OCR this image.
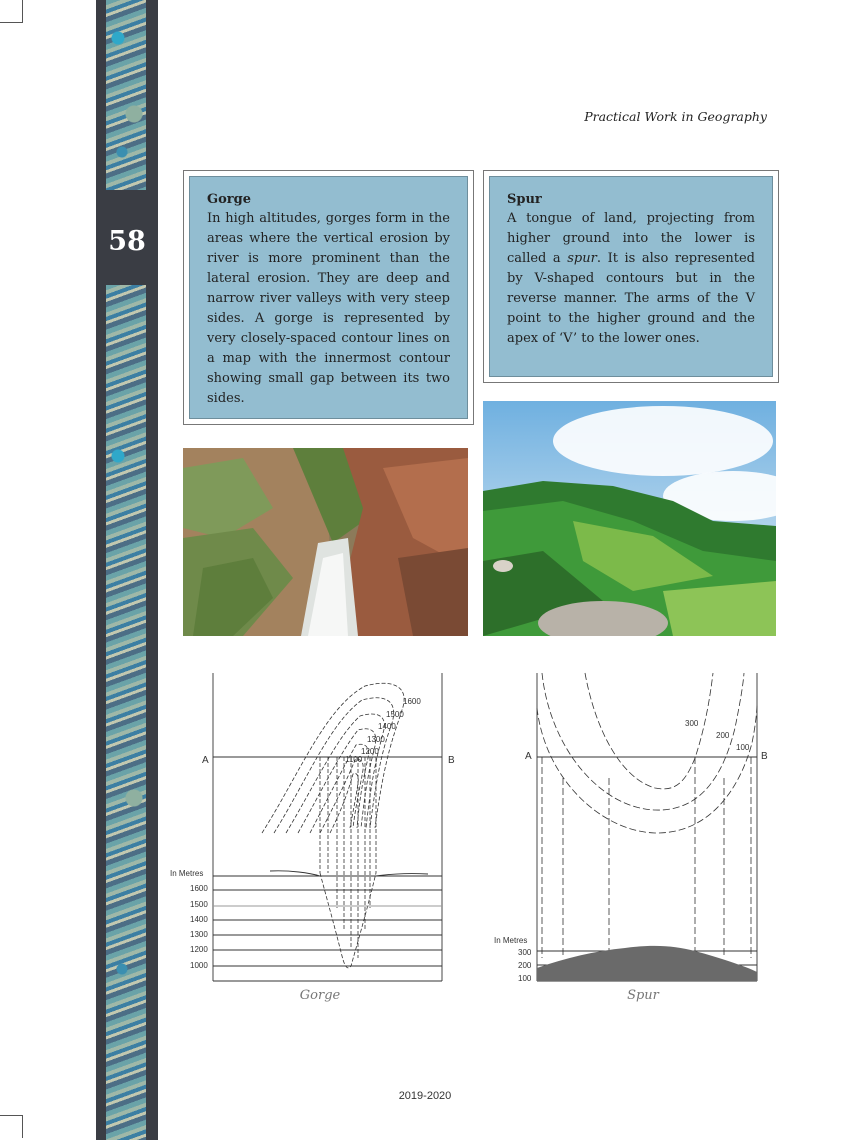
58
Practical Work in Geography

Gorge

In high altitudes, gorges form in the areas where the vertical erosion by river is more prominent than the lateral erosion. They are deep and narrow river valleys with very steep sides. A gorge is represented by very closely-spaced contour lines on a map with the innermost contour showing small gap between its two sides.

Spur

A tongue of land, projecting from higher ground into the lower is called a spur. It is also represented by V-shaped contours but in the reverse manner. The arms of the V point to the higher ground and the apex of ‘V’ to the lower ones.

A	B
1600
1500
1400
1300
1200
1100
In Metres
1600
1500
1400
1300
1200
1000
Gorge
A	B
300
200
100
In Metres
300
200
100
Spur
2019-2020
